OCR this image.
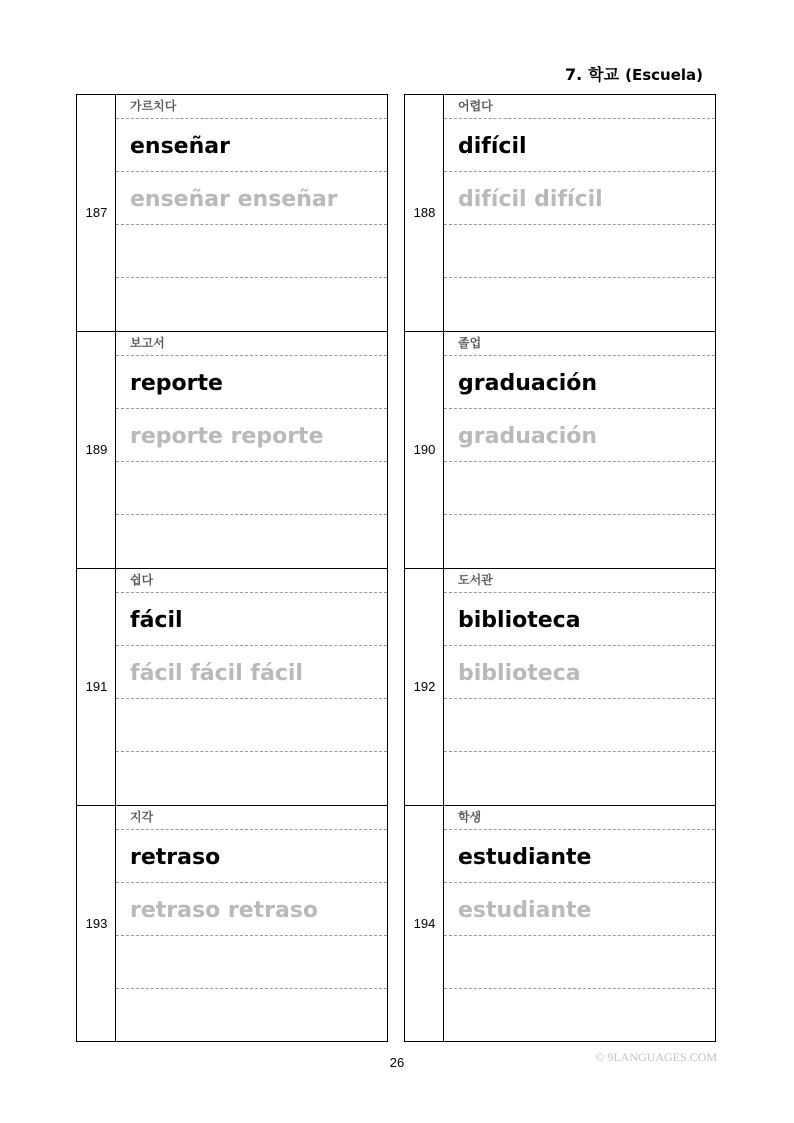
7. 학교 (Escuela)
187
가르치다
enseñar
enseñar enseñar
188
어렵다
difícil
difícil difícil
189
보고서
reporte
reporte reporte
190
졸업
graduación
graduación
191
쉽다
fácil
fácil fácil fácil
192
도서관
biblioteca
biblioteca
193
지각
retraso
retraso retraso
194
학생
estudiante
estudiante
26	© 9LANGUAGES.COM
